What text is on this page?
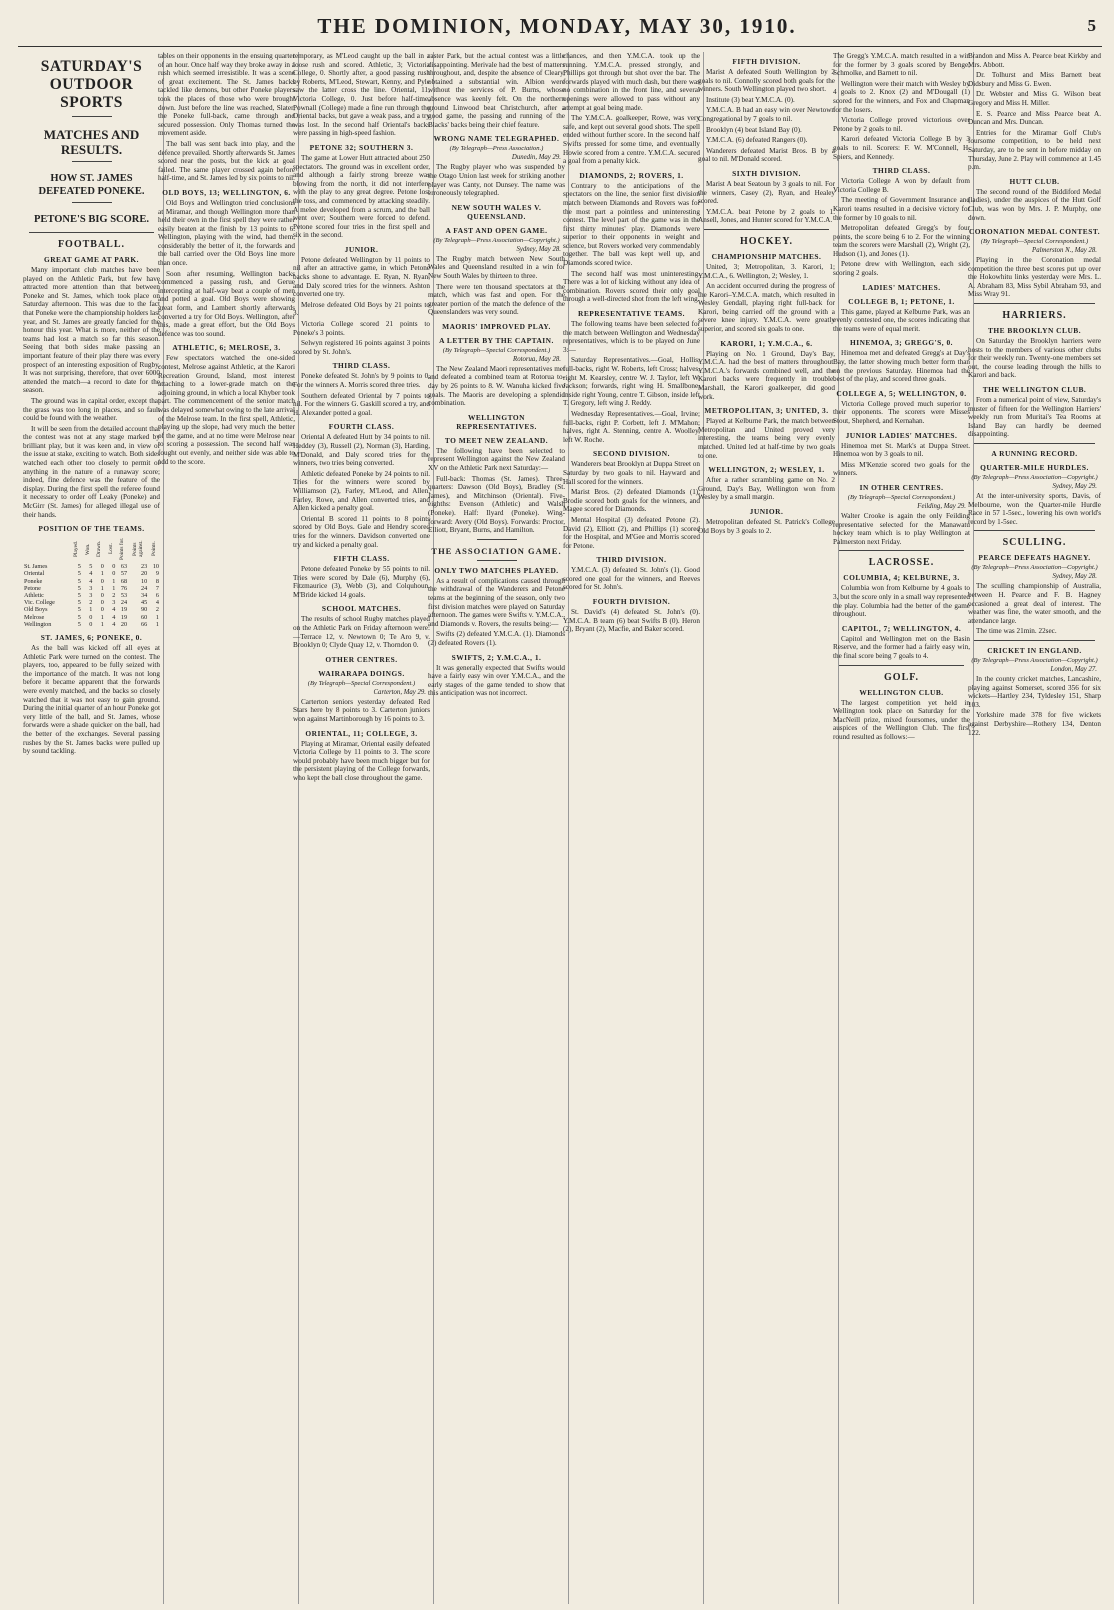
THE DOMINION, MONDAY, MAY 30, 1910.	5
SATURDAY'S OUTDOOR SPORTS
MATCHES AND RESULTS.
HOW ST. JAMES DEFEATED PONEKE.
PETONE'S BIG SCORE.
FOOTBALL.
GREAT GAME AT PARK.

Many important club matches have been played on the Athletic Park, but few have attracted more attention than that between Poneke and St. James, which took place on Saturday afternoon. This was due to the fact that Poneke were the championship holders last year, and St. James are greatly fancied for the honour this year. What is more, neither of the teams had lost a match so far this season. Seeing that both sides make passing an important feature of their play there was every prospect of an interesting exposition of Rugby. It was not surprising, therefore, that over 6000 attended the match—a record to date for the season.

The ground was in capital order, except that the grass was too long in places, and so fault could be found with the weather.

It will be seen from the detailed account that the contest was not at any stage marked by brilliant play, but it was keen and, in view of the issue at stake, exciting to watch. Both sides watched each other too closely to permit of anything in the nature of a runaway score; indeed, fine defence was the feature of the display. During the first spell the referee found it necessary to order off Leaky (Poneke) and McGirr (St. James) for alleged illegal use of their hands.

POSITION OF THE TEAMS.
	Played.	Won.	Drawn.	Lost.	Points for.	Points against.	Points.
St. James	5	5	0	0	63	23	10
Oriental	5	4	1	0	57	20	9
Poneke	5	4	0	1	68	10	8
Petone	5	3	1	1	76	24	7
Athletic	5	3	0	2	53	34	6
Vic. College	5	2	0	3	24	45	4
Old Boys	5	1	0	4	19	90	2
Melrose	5	0	1	4	19	60	1
Wellington	5	0	1	4	20	66	1
ST. JAMES, 6; PONEKE, 0.

As the ball was kicked off all eyes at Athletic Park were turned on the contest. The players, too, appeared to be fully seized with the importance of the match. It was not long before it became apparent that the forwards were evenly matched, and the backs so closely watched that it was not easy to gain ground. During the initial quarter of an hour Poneke got very little of the ball, and St. James, whose forwards were a shade quicker on the ball, had the better of the exchanges. Several passing rushes by the St. James backs were pulled up by sound tackling.

tables on their opponents in the ensuing quarter of an hour. Once half way they broke away in a rush which seemed irresistible. It was a scene of great excitement. The St. James backs tackled like demons, but other Poneke players took the places of those who were brought down. Just before the line was reached, Slater, the Poneke full-back, came through and secured possession. Only Thomas turned the movement aside.

The ball was sent back into play, and the defence prevailed. Shortly afterwards St. James scored near the posts, but the kick at goal failed. The same player crossed again before half-time, and St. James led by six points to nil.

OLD BOYS, 13; WELLINGTON, 6.

Old Boys and Wellington tried conclusions at Miramar, and though Wellington more than held their own in the first spell they were rather easily beaten at the finish by 13 points to 6. Wellington, playing with the wind, had them, considerably the better of it, the forwards and the ball carried over the Old Boys line more than once.

Soon after resuming, Wellington backs commenced a passing rush, and Gerue intercepting at half-way beat a couple of men and potted a goal. Old Boys were showing great form, and Lambert shortly afterwards converted a try for Old Boys. Wellington, after this, made a great effort, but the Old Boys defence was too sound.

ATHLETIC, 6; MELROSE, 3.

Few spectators watched the one-sided contest, Melrose against Athletic, at the Karori Recreation Ground, Island, most interest attaching to a lower-grade match on the adjoining ground, in which a local Khyber took part. The commencement of the senior match was delayed somewhat owing to the late arrival of the Melrose team. In the first spell, Athletic, playing up the slope, had very much the better of the game, and at no time were Melrose near to scoring a possession. The second half was fought out evenly, and neither side was able to add to the score.

temporary, as M'Leod caught up the ball in a loose rush and scored. Athletic, 3; Victoria College, 0. Shortly after, a good passing rush by Roberts, M'Leod, Stewart, Kenny, and Pyle saw the latter cross the line. Oriental, 11; Victoria College, 0. Just before half-time, Pownall (College) made a fine run through the Oriental backs, but gave a weak pass, and a try was lost. In the second half Oriental's backs were passing in high-speed fashion.

PETONE 32; SOUTHERN 3.

The game at Lower Hutt attracted about 250 spectators. The ground was in excellent order, and although a fairly strong breeze was blowing from the north, it did not interfere with the play to any great degree. Petone lost the toss, and commenced by attacking steadily. A melee developed from a scrum, and the ball went over; Southern were forced to defend. Petone scored four tries in the first spell and six in the second.

JUNIOR.

Petone defeated Wellington by 11 points to nil after an attractive game, in which Petone backs shone to advantage. E. Ryan, N. Ryan, and Daly scored tries for the winners. Ashton converted one try.

Melrose defeated Old Boys by 21 points to 3.

Victoria College scored 21 points to Poneke's 3 points.

Selwyn registered 16 points against 3 points scored by St. John's.

THIRD CLASS.

Poneke defeated St. John's by 9 points to 0. For the winners A. Morris scored three tries.

Southern defeated Oriental by 7 points to nil. For the winners G. Gaskill scored a try, and H. Alexander potted a goal.

FOURTH CLASS.

Oriental A defeated Hutt by 34 points to nil. Heddey (3), Russell (2), Norman (3), Harding, M'Donald, and Daly scored tries for the winners, two tries being converted.

Athletic defeated Poneke by 24 points to nil. Tries for the winners were scored by Williamson (2), Farley, M'Leod, and Allen. Farley, Rowe, and Allen converted tries, and Allen kicked a penalty goal.

Oriental B scored 11 points to 8 points scored by Old Boys. Gale and Hendry scored tries for the winners. Davidson converted one try and kicked a penalty goal.

FIFTH CLASS.

Petone defeated Poneke by 55 points to nil. Tries were scored by Dale (6), Murphy (6), Fitzmaurice (3), Webb (3), and Colquhoun. M'Bride kicked 14 goals.

SCHOOL MATCHES.

The results of school Rugby matches played on the Athletic Park on Friday afternoon were:—Terrace 12, v. Newtown 0; Te Aro 9, v. Brooklyn 0; Clyde Quay 12, v. Thorndon 0.

OTHER CENTRES.
WAIRARAPA DOINGS.
(By Telegraph—Special Correspondent.)
Carterton, May 29.

Carterton seniors yesterday defeated Red Stars here by 8 points to 3. Carterton juniors won against Martinborough by 16 points to 3.

ORIENTAL, 11; COLLEGE, 3.

Playing at Miramar, Oriental easily defeated Victoria College by 11 points to 3. The score would probably have been much bigger but for the persistent playing of the College forwards, who kept the ball close throughout the game.

raster Park, but the actual contest was a little disappointing. Merivale had the best of matters throughout, and, despite the absence of Cleary, obtained a substantial win. Albion were without the services of P. Burns, whose absence was keenly felt. On the northern ground Linwood beat Christchurch, after a good game, the passing and running of the Blacks' backs being their chief feature.

WRONG NAME TELEGRAPHED.
(By Telegraph—Press Association.)
Dunedin, May 29.

The Rugby player who was suspended by the Otago Union last week for striking another player was Canty, not Dunsey. The name was erroneously telegraphed.

NEW SOUTH WALES V. QUEENSLAND.
A FAST AND OPEN GAME.
(By Telegraph—Press Association—Copyright.)
Sydney, May 28.

The Rugby match between New South Wales and Queensland resulted in a win for New South Wales by thirteen to three.

There were ten thousand spectators at the match, which was fast and open. For the greater portion of the match the defence of the Queenslanders was very sound.

MAORIS' IMPROVED PLAY.
A LETTER BY THE CAPTAIN.
(By Telegraph—Special Correspondent.)
Rotorua, May 28.

The New Zealand Maori representatives met and defeated a combined team at Rotorua to-day by 26 points to 8. W. Wanuha kicked five goals. The Maoris are developing a splendid combination.

WELLINGTON REPRESENTATIVES.
TO MEET NEW ZEALAND.

The following have been selected to represent Wellington against the New Zealand XV on the Athletic Park next Saturday:—

Full-back: Thomas (St. James). Three-quarters: Dawson (Old Boys), Bradley (St. James), and Mitchinson (Oriental). Five-eighths: Evenson (Athletic) and Walsh (Poneke). Half: Ilyard (Poneke). Wing-forward: Avery (Old Boys). Forwards: Proctor, Elliott, Bryant, Burns, and Hamilton.

THE ASSOCIATION GAME.
ONLY TWO MATCHES PLAYED.

As a result of complications caused through the withdrawal of the Wanderers and Petone teams at the beginning of the season, only two first division matches were played on Saturday afternoon. The games were Swifts v. Y.M.C.A., and Diamonds v. Rovers, the results being:—

Swifts (2) defeated Y.M.C.A. (1). Diamonds (2) defeated Rovers (1).

SWIFTS, 2; Y.M.C.A., 1.

It was generally expected that Swifts would have a fairly easy win over Y.M.C.A., and the early stages of the game tended to show that this anticipation was not incorrect.

chances, and then Y.M.C.A. took up the running. Y.M.C.A. pressed strongly, and Phillips got through but shot over the bar. The forwards played with much dash, but there was no combination in the front line, and several openings were allowed to pass without any attempt at goal being made.

The Y.M.C.A. goalkeeper, Rowe, was very safe, and kept out several good shots. The spell ended without further score. In the second half Swifts pressed for some time, and eventually Howie scored from a centre. Y.M.C.A. secured a goal from a penalty kick.

DIAMONDS, 2; ROVERS, 1.

Contrary to the anticipations of the spectators on the line, the senior first division match between Diamonds and Rovers was for the most part a pointless and uninteresting contest. The level part of the game was in the first thirty minutes' play. Diamonds were superior to their opponents in weight and science, but Rovers worked very commendably together. The ball was kept well up, and Diamonds scored twice.

The second half was most uninteresting. There was a lot of kicking without any idea of combination. Rovers scored their only goal through a well-directed shot from the left wing.

REPRESENTATIVE TEAMS.

The following teams have been selected for the match between Wellington and Wednesday representatives, which is to be played on June 3:—

Saturday Representatives.—Goal, Hollis; full-backs, right W. Roberts, left Cross; halves, right M. Kearsley, centre W. J. Taylor, left W. Jackson; forwards, right wing H. Smallbone, inside right Young, centre T. Gibson, inside left T. Gregory, left wing J. Reddy.

Wednesday Representatives.—Goal, Irvine; full-backs, right P. Corbett, left J. M'Mahon; halves, right A. Stenning, centre A. Woolley, left W. Roche.

SECOND DIVISION.

Wanderers beat Brooklyn at Duppa Street on Saturday by two goals to nil. Hayward and Hall scored for the winners.

Marist Bros. (2) defeated Diamonds (1). Brodie scored both goals for the winners, and Magee scored for Diamonds.

Mental Hospital (3) defeated Petone (2). David (2), Elliott (2), and Phillips (1) scored for the Hospital, and M'Gee and Morris scored for Petone.

THIRD DIVISION.

Y.M.C.A. (3) defeated St. John's (1). Good scored one goal for the winners, and Reeves scored for St. John's.

FOURTH DIVISION.

St. David's (4) defeated St. John's (0). Y.M.C.A. B team (6) beat Swifts B (0). Heron (2), Bryant (2), Macfie, and Baker scored.

FIFTH DIVISION.

Marist A defeated South Wellington by 2 goals to nil. Connolly scored both goals for the winners. South Wellington played two short.

Institute (3) beat Y.M.C.A. (0).

Y.M.C.A. B had an easy win over Newtown Congregational by 7 goals to nil.

Brooklyn (4) beat Island Bay (0).

Y.M.C.A. (6) defeated Rangers (0).

Wanderers defeated Marist Bros. B by a goal to nil. M'Donald scored.

SIXTH DIVISION.

Marist A beat Seatoun by 3 goals to nil. For the winners, Casey (2), Ryan, and Healey scored.

Y.M.C.A. beat Petone by 2 goals to 1. Ansell, Jones, and Hunter scored for Y.M.C.A.

HOCKEY.
CHAMPIONSHIP MATCHES.

United, 3; Metropolitan, 3. Karori, 1; Y.M.C.A., 6. Wellington, 2; Wesley, 1.

An accident occurred during the progress of the Karori–Y.M.C.A. match, which resulted in Wesley Gendall, playing right full-back for Karori, being carried off the ground with a severe knee injury. Y.M.C.A. were greatly superior, and scored six goals to one.

KARORI, 1; Y.M.C.A., 6.

Playing on No. 1 Ground, Day's Bay, Y.M.C.A. had the best of matters throughout. Y.M.C.A.'s forwards combined well, and the Karori backs were frequently in trouble. Marshall, the Karori goalkeeper, did good work.

METROPOLITAN, 3; UNITED, 3.

Played at Kelburne Park, the match between Metropolitan and United proved very interesting, the teams being very evenly matched. United led at half-time by two goals to one.

WELLINGTON, 2; WESLEY, 1.

After a rather scrambling game on No. 2 Ground, Day's Bay, Wellington won from Wesley by a small margin.

JUNIOR.

Metropolitan defeated St. Patrick's College Old Boys by 3 goals to 2.

The Gregg's Y.M.C.A. match resulted in a win for the former by 3 goals scored by Benge, Schmolke, and Barnett to nil.

Wellington were their match with Wesley by 4 goals to 2. Knox (2) and M'Dougall (1) scored for the winners, and Fox and Chapman for the losers.

Victoria College proved victorious over Petone by 2 goals to nil.

Karori defeated Victoria College B by 3 goals to nil. Scorers: F. W. M'Connell, H. Spiers, and Kennedy.

THIRD CLASS.

Victoria College A won by default from Victoria College B.

The meeting of Government Insurance and Karori teams resulted in a decisive victory for the former by 10 goals to nil.

Metropolitan defeated Gregg's by four points, the score being 6 to 2. For the winning team the scorers were Marshall (2), Wright (2), Hudson (1), and Jones (1).

Petone drew with Wellington, each side scoring 2 goals.

LADIES' MATCHES.
COLLEGE B, 1; PETONE, 1.

This game, played at Kelburne Park, was an evenly contested one, the scores indicating that the teams were of equal merit.

HINEMOA, 3; GREGG'S, 0.

Hinemoa met and defeated Gregg's at Day's Bay, the latter showing much better form than on the previous Saturday. Hinemoa had the best of the play, and scored three goals.

COLLEGE A, 5; WELLINGTON, 0.

Victoria College proved much superior to their opponents. The scorers were Misses Stout, Shepherd, and Kernahan.

JUNIOR LADIES' MATCHES.

Hinemoa met St. Mark's at Duppa Street. Hinemoa won by 3 goals to nil.

Miss M'Kenzie scored two goals for the winners.

IN OTHER CENTRES.
(By Telegraph—Special Correspondent.)
Feilding, May 29.

Walter Crooke is again the only Feilding representative selected for the Manawatu hockey team which is to play Wellington at Palmerston next Friday.

LACROSSE.
COLUMBIA, 4; KELBURNE, 3.

Columbia won from Kelburne by 4 goals to 3, but the score only in a small way represented the play. Columbia had the better of the game throughout.

CAPITOL, 7; WELLINGTON, 4.

Capitol and Wellington met on the Basin Reserve, and the former had a fairly easy win, the final score being 7 goals to 4.

GOLF.
WELLINGTON CLUB.

The largest competition yet held in Wellington took place on Saturday for the MacNeill prize, mixed foursomes, under the auspices of the Wellington Club. The first round resulted as follows:—

Brandon and Miss A. Pearce beat Kirkby and Mrs. Abbott.

Dr. Tolhurst and Miss Barnett beat Didsbury and Miss G. Ewen.

Dr. Webster and Miss G. Wilson beat Gregory and Miss H. Miller.

E. S. Pearce and Miss Pearce beat A. Duncan and Mrs. Duncan.

Entries for the Miramar Golf Club's foursome competition, to be held next Saturday, are to be sent in before midday on Thursday, June 2. Play will commence at 1.45 p.m.

HUTT CLUB.

The second round of the Biddiford Medal (ladies), under the auspices of the Hutt Golf Club, was won by Mrs. J. P. Murphy, one down.

CORONATION MEDAL CONTEST.
(By Telegraph—Special Correspondent.)
Palmerston N., May 28.

Playing in the Coronation medal competition the three best scores put up over the Hokowhitu links yesterday were Mrs. L. A. Abraham 83, Miss Sybil Abraham 93, and Miss Wray 91.

HARRIERS.
THE BROOKLYN CLUB.

On Saturday the Brooklyn harriers were hosts to the members of various other clubs for their weekly run. Twenty-one members set out, the course leading through the hills to Karori and back.

THE WELLINGTON CLUB.

From a numerical point of view, Saturday's muster of fifteen for the Wellington Harriers' weekly run from Muritai's Tea Rooms at Island Bay can hardly be deemed disappointing.

A RUNNING RECORD.
QUARTER-MILE HURDLES.
(By Telegraph—Press Association—Copyright.)
Sydney, May 29.

At the inter-university sports, Davis, of Melbourne, won the Quarter-mile Hurdle Race in 57 1-5sec., lowering his own world's record by 1-5sec.

SCULLING.
PEARCE DEFEATS HAGNEY.
(By Telegraph—Press Association—Copyright.)
Sydney, May 28.

The sculling championship of Australia, between H. Pearce and F. B. Hagney occasioned a great deal of interest. The weather was fine, the water smooth, and the attendance large.

The time was 21min. 22sec.

CRICKET IN ENGLAND.
(By Telegraph—Press Association—Copyright.)
London, May 27.

In the county cricket matches, Lancashire, playing against Somerset, scored 356 for six wickets—Hartley 234, Tyldesley 151, Sharp 103.

Yorkshire made 378 for five wickets against Derbyshire—Rothery 134, Denton 122.
